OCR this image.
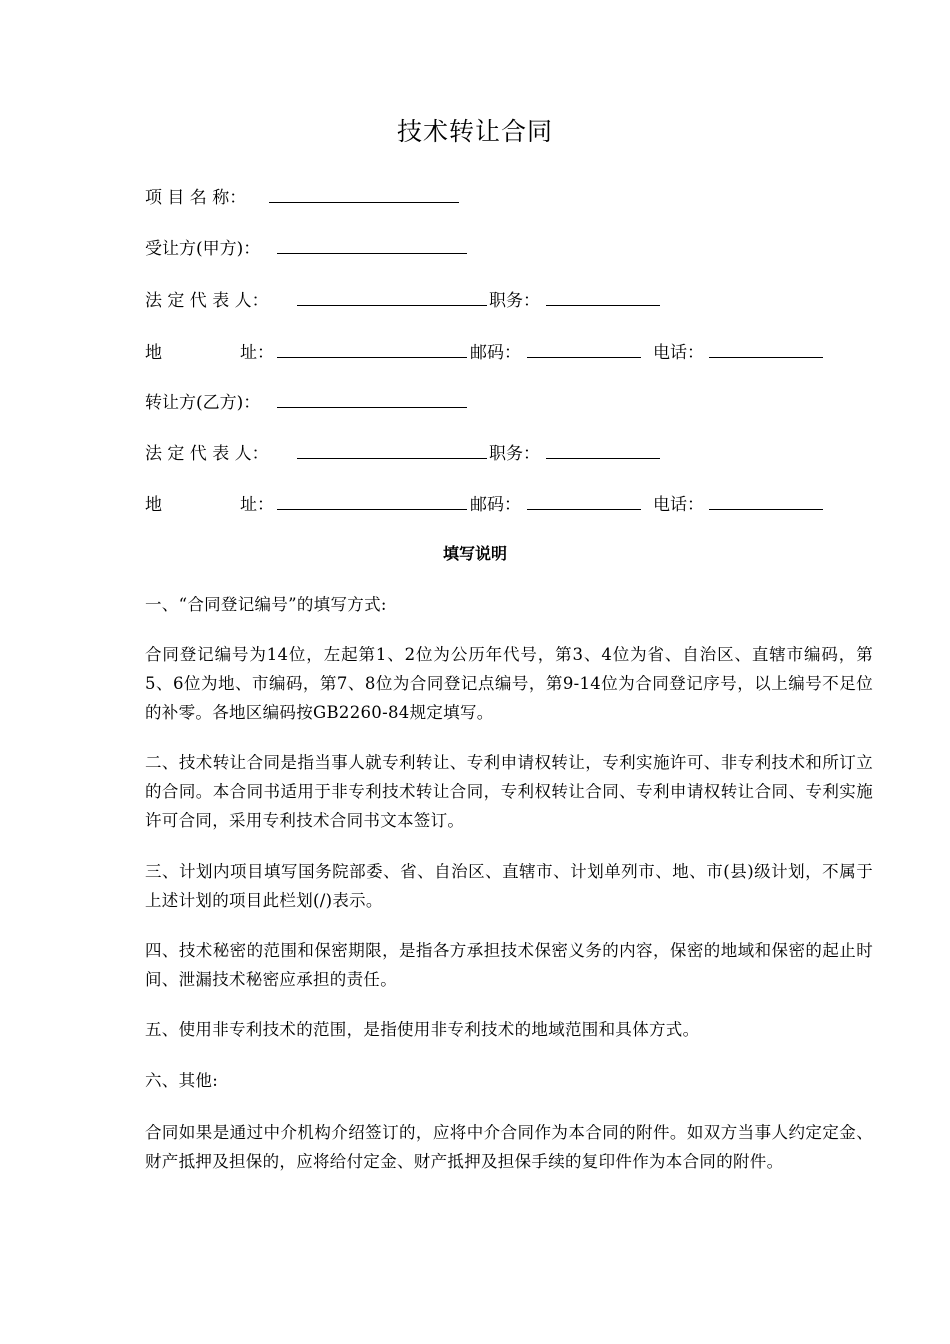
技术转让合同
项 目 名 称：
受让方(甲方)：
法 定 代 表 人：	职务：
地	址：	邮码：	电话：
转让方(乙方)：
法 定 代 表 人：	职务：
地	址：	邮码：	电话：
填写说明
一、“合同登记编号”的填写方式:
合同登记编号为14位，左起第1、2位为公历年代号，第3、4位为省、自治区、直辖市编码，第5、6位为地、市编码，第7、8位为合同登记点编号，第9-14位为合同登记序号，以上编号不足位的补零。各地区编码按GB2260-84规定填写。
二、技术转让合同是指当事人就专利转让、专利申请权转让，专利实施许可、非专利技术和所订立的合同。本合同书适用于非专利技术转让合同，专利权转让合同、专利申请权转让合同、专利实施许可合同，采用专利技术合同书文本签订。
三、计划内项目填写国务院部委、省、自治区、直辖市、计划单列市、地、市(县)级计划，不属于上述计划的项目此栏划(/)表示。
四、技术秘密的范围和保密期限，是指各方承担技术保密义务的内容，保密的地域和保密的起止时间、泄漏技术秘密应承担的责任。
五、使用非专利技术的范围，是指使用非专利技术的地域范围和具体方式。
六、其他:
合同如果是通过中介机构介绍签订的，应将中介合同作为本合同的附件。如双方当事人约定定金、财产抵押及担保的，应将给付定金、财产抵押及担保手续的复印件作为本合同的附件。
